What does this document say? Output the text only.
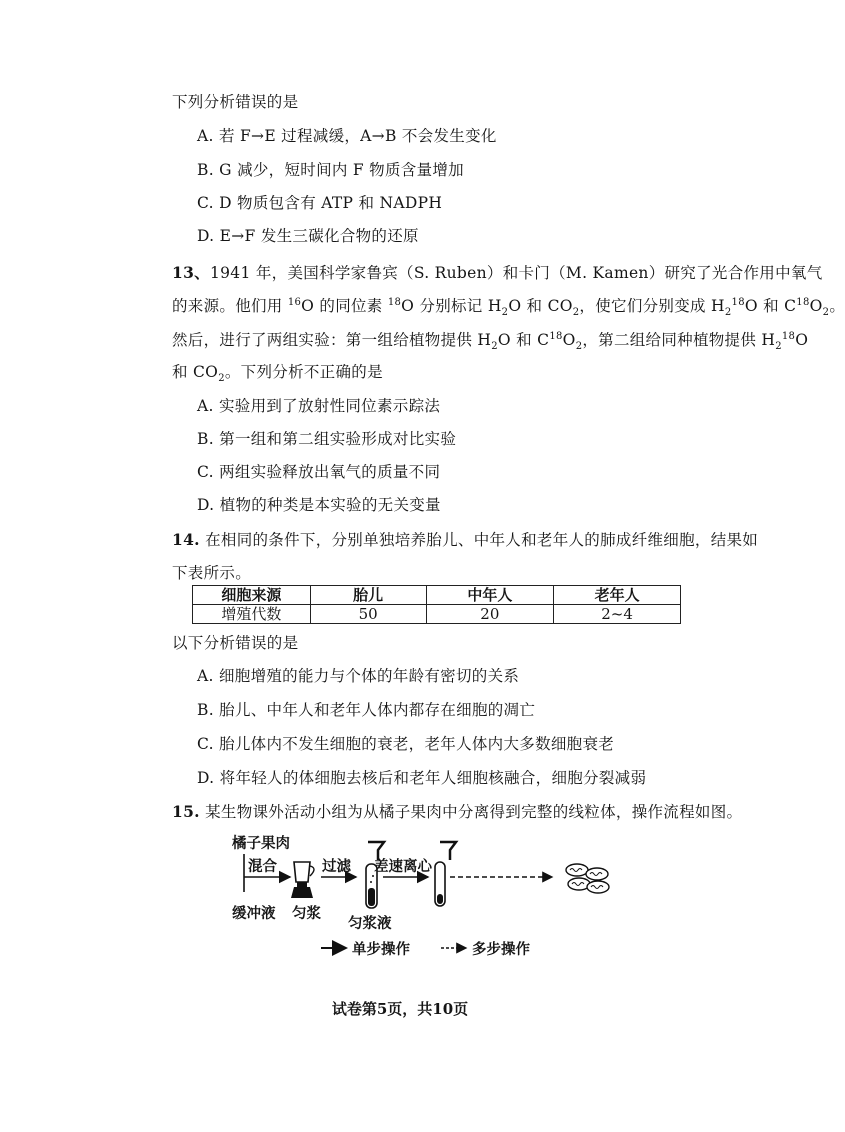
下列分析错误的是
A. 若 F→E 过程减缓，A→B 不会发生变化
B. G 减少，短时间内 F 物质含量增加
C. D 物质包含有 ATP 和 NADPH
D. E→F 发生三碳化合物的还原
13、1941 年，美国科学家鲁宾（S. Ruben）和卡门（M. Kamen）研究了光合作用中氧气
的来源。他们用 $^{16}$O 的同位素 $^{18}$O 分别标记 $H_2O$ 和 $CO_2$，使它们分别变成 $H_2^{18}O$ 和 $C^{18}O_2$。
然后，进行了两组实验：第一组给植物提供 $H_2O$ 和 $C^{18}O_2$，第二组给同种植物提供 $H_2^{18}O$
和 $CO_2$。下列分析不正确的是
A. 实验用到了放射性同位素示踪法
B. 第一组和第二组实验形成对比实验
C. 两组实验释放出氧气的质量不同
D. 植物的种类是本实验的无关变量
14. 在相同的条件下，分别单独培养胎儿、中年人和老年人的肺成纤维细胞，结果如
下表所示。
细胞来源	胎儿	中年人	老年人
增殖代数	50	20	2~4
以下分析错误的是
A. 细胞增殖的能力与个体的年龄有密切的关系
B. 胎儿、中年人和老年人体内都存在细胞的凋亡
C. 胎儿体内不发生细胞的衰老，老年人体内大多数细胞衰老
D. 将年轻人的体细胞去核后和老年人细胞核融合，细胞分裂减弱
15. 某生物课外活动小组为从橘子果肉中分离得到完整的线粒体，操作流程如图。
橘子果肉
混合	过滤 差速离心
缓冲液 匀浆
匀浆液
单步操作	多步操作
试卷第5页，共10页
